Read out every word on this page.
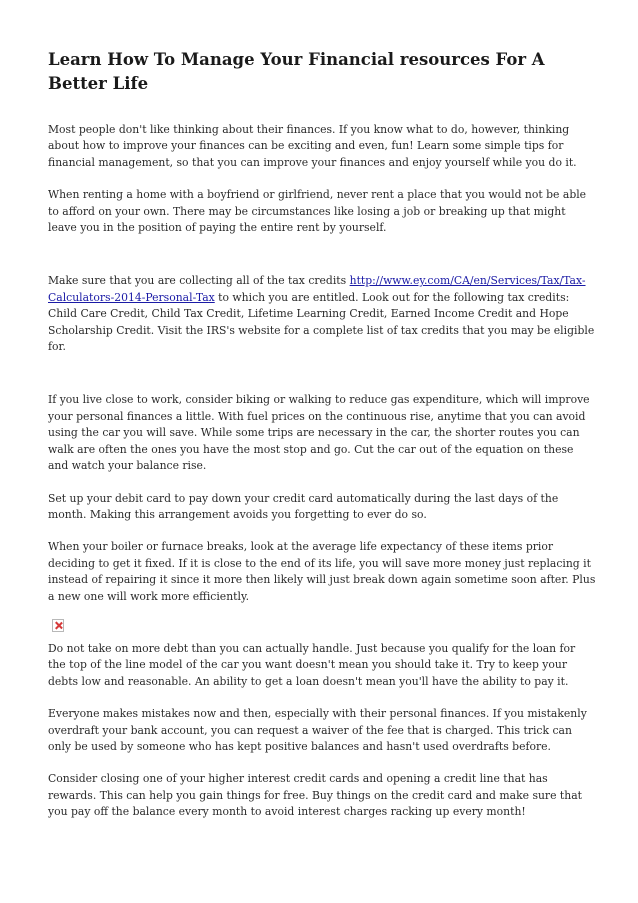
Learn How To Manage Your Financial resources For A Better Life

Most people don't like thinking about their finances. If you know what to do, however, thinking about how to improve your finances can be exciting and even, fun! Learn some simple tips for financial management, so that you can improve your finances and enjoy yourself while you do it.

When renting a home with a boyfriend or girlfriend, never rent a place that you would not be able to afford on your own. There may be circumstances like losing a job or breaking up that might leave you in the position of paying the entire rent by yourself.

Make sure that you are collecting all of the tax credits http://www.ey.com/CA/en/Services/Tax/Tax-Calculators-2014-Personal-Tax to which you are entitled. Look out for the following tax credits: Child Care Credit, Child Tax Credit, Lifetime Learning Credit, Earned Income Credit and Hope Scholarship Credit. Visit the IRS's website for a complete list of tax credits that you may be eligible for.

If you live close to work, consider biking or walking to reduce gas expenditure, which will improve your personal finances a little. With fuel prices on the continuous rise, anytime that you can avoid using the car you will save. While some trips are necessary in the car, the shorter routes you can walk are often the ones you have the most stop and go. Cut the car out of the equation on these and watch your balance rise.

Set up your debit card to pay down your credit card automatically during the last days of the month. Making this arrangement avoids you forgetting to ever do so.

When your boiler or furnace breaks, look at the average life expectancy of these items prior deciding to get it fixed. If it is close to the end of its life, you will save more money just replacing it instead of repairing it since it more then likely will just break down again sometime soon after. Plus a new one will work more efficiently.

Do not take on more debt than you can actually handle. Just because you qualify for the loan for the top of the line model of the car you want doesn't mean you should take it. Try to keep your debts low and reasonable. An ability to get a loan doesn't mean you'll have the ability to pay it.

Everyone makes mistakes now and then, especially with their personal finances. If you mistakenly overdraft your bank account, you can request a waiver of the fee that is charged. This trick can only be used by someone who has kept positive balances and hasn't used overdrafts before.

Consider closing one of your higher interest credit cards and opening a credit line that has rewards. This can help you gain things for free. Buy things on the credit card and make sure that you pay off the balance every month to avoid interest charges racking up every month!
